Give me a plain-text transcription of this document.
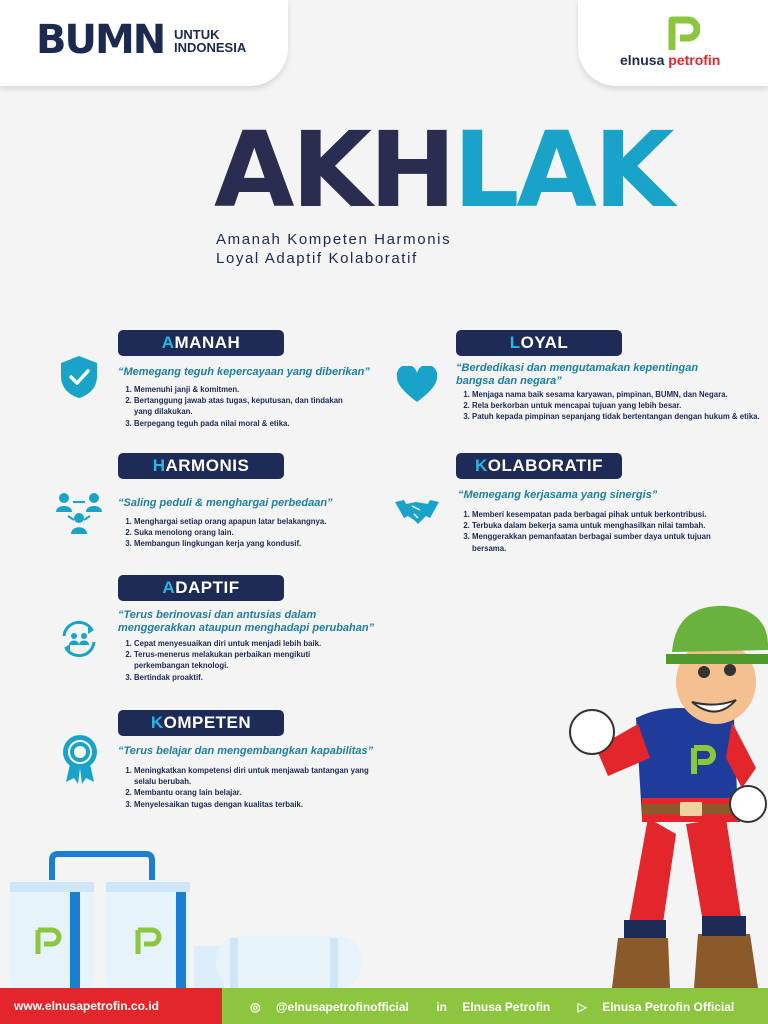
BUMN UNTUK
INDONESIA
elnusa petrofin
AKHLAK
Amanah Kompeten Harmonis
Loyal Adaptif Kolaboratif
AMANAH
“Memegang teguh kepercayaan yang diberikan”
1. Memenuhi janji & komitmen.
2. Bertanggung jawab atas tugas, keputusan, dan tindakan yang dilakukan.
3. Berpegang teguh pada nilai moral & etika.
LOYAL
“Berdedikasi dan mengutamakan kepentingan bangsa dan negara”
1. Menjaga nama baik sesama karyawan, pimpinan, BUMN, dan Negara.
2. Rela berkorban untuk mencapai tujuan yang lebih besar.
3. Patuh kepada pimpinan sepanjang tidak bertentangan dengan hukum & etika.
HARMONIS
“Saling peduli & menghargai perbedaan”
1. Menghargai setiap orang apapun latar belakangnya.
2. Suka menolong orang lain.
3. Membangun lingkungan kerja yang kondusif.
KOLABORATIF
“Memegang kerjasama yang sinergis”
1. Memberi kesempatan pada berbagai pihak untuk berkontribusi.
2. Terbuka dalam bekerja sama untuk menghasilkan nilai tambah.
3. Menggerakkan pemanfaatan berbagai sumber daya untuk tujuan bersama.
ADAPTIF
“Terus berinovasi dan antusias dalam
menggerakkan ataupun menghadapi perubahan”
1. Cepat menyesuaikan diri untuk menjadi lebih baik.
2. Terus-menerus melakukan perbaikan mengikuti perkembangan teknologi.
3. Bertindak proaktif.
KOMPETEN
“Terus belajar dan mengembangkan kapabilitas”
1. Meningkatkan kompetensi diri untuk menjawab tantangan yang selalu berubah.
2. Membantu orang lain belajar.
3. Menyelesaikan tugas dengan kualitas terbaik.
www.elnusapetrofin.co.id	◎ @elnusapetrofinofficial in Elnusa Petrofin ▷ Elnusa Petrofin Official
